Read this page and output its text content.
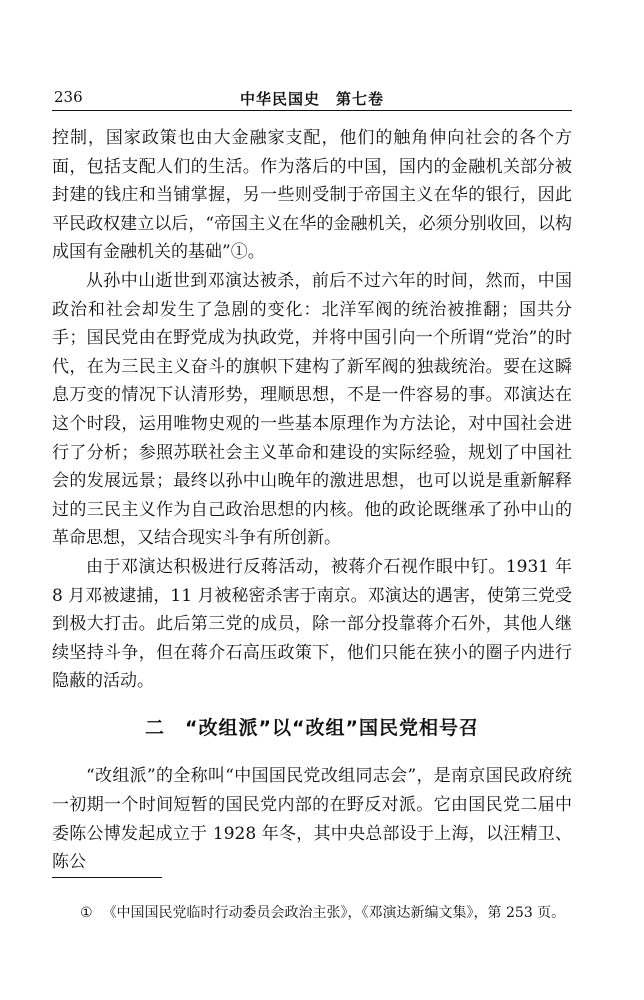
236	中华民国史　第七卷

控制，国家政策也由大金融家支配，他们的触角伸向社会的各个方面，包括支配人们的生活。作为落后的中国，国内的金融机关部分被封建的钱庄和当铺掌握，另一些则受制于帝国主义在华的银行，因此平民政权建立以后，“帝国主义在华的金融机关，必须分别收回，以构成国有金融机关的基础”①。

从孙中山逝世到邓演达被杀，前后不过六年的时间，然而，中国政治和社会却发生了急剧的变化：北洋军阀的统治被推翻；国共分手；国民党由在野党成为执政党，并将中国引向一个所谓“党治”的时代，在为三民主义奋斗的旗帜下建构了新军阀的独裁统治。要在这瞬息万变的情况下认清形势，理顺思想，不是一件容易的事。邓演达在这个时段，运用唯物史观的一些基本原理作为方法论，对中国社会进行了分析；参照苏联社会主义革命和建设的实际经验，规划了中国社会的发展远景；最终以孙中山晚年的激进思想，也可以说是重新解释过的三民主义作为自己政治思想的内核。他的政论既继承了孙中山的革命思想，又结合现实斗争有所创新。

由于邓演达积极进行反蒋活动，被蒋介石视作眼中钉。1931 年 8 月邓被逮捕，11 月被秘密杀害于南京。邓演达的遇害，使第三党受到极大打击。此后第三党的成员，除一部分投靠蒋介石外，其他人继续坚持斗争，但在蒋介石高压政策下，他们只能在狭小的圈子内进行隐蔽的活动。

二 “改组派”以“改组”国民党相号召

“改组派”的全称叫“中国国民党改组同志会”，是南京国民政府统一初期一个时间短暂的国民党内部的在野反对派。它由国民党二届中委陈公博发起成立于 1928 年冬，其中央总部设于上海，以汪精卫、陈公

① 《中国国民党临时行动委员会政治主张》，《邓演达新编文集》，第 253 页。
